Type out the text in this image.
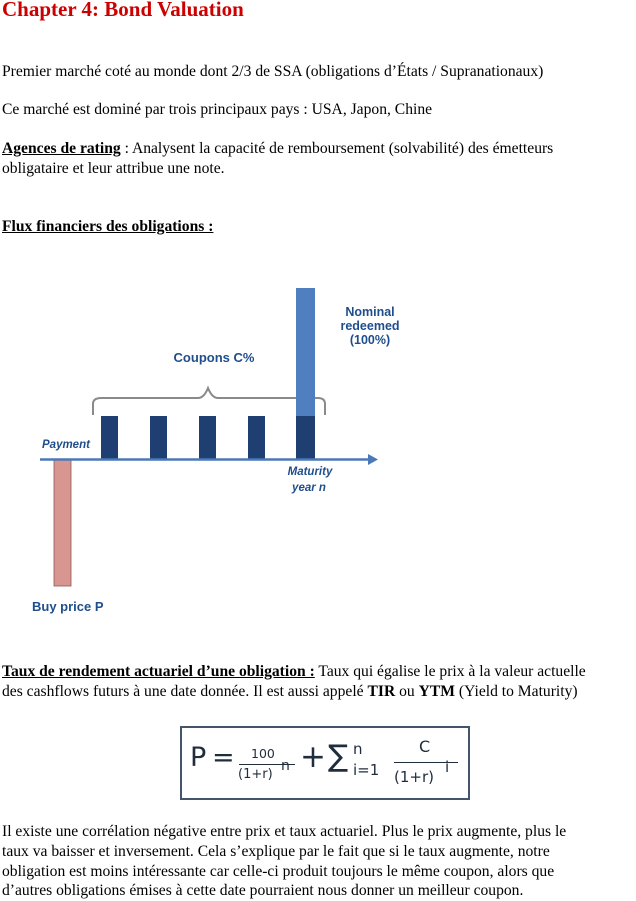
Chapter 4: Bond Valuation

Premier marché coté au monde dont 2/3 de SSA (obligations d’États / Supranationaux)

Ce marché est dominé par trois principaux pays : USA, Japon, Chine

Agences de rating : Analysent la capacité de remboursement (solvabilité) des émetteurs

obligataire et leur attribue une note.

Flux financiers des obligations :

Nominal
redeemed
(100%)
Coupons C%
Payment
Maturity
year n
Buy price P

Taux de rendement actuariel d’une obligation : Taux qui égalise le prix à la valeur actuelle

des cashflows futurs à une date donnée. Il est aussi appelé TIR ou YTM (Yield to Maturity)

P = 100
(1+r)
n + ∑ n
i=1
C
(1+r)
i

Il existe une corrélation négative entre prix et taux actuariel. Plus le prix augmente, plus le

taux va baisser et inversement. Cela s’explique par le fait que si le taux augmente, notre

obligation est moins intéressante car celle-ci produit toujours le même coupon, alors que

d’autres obligations émises à cette date pourraient nous donner un meilleur coupon.
